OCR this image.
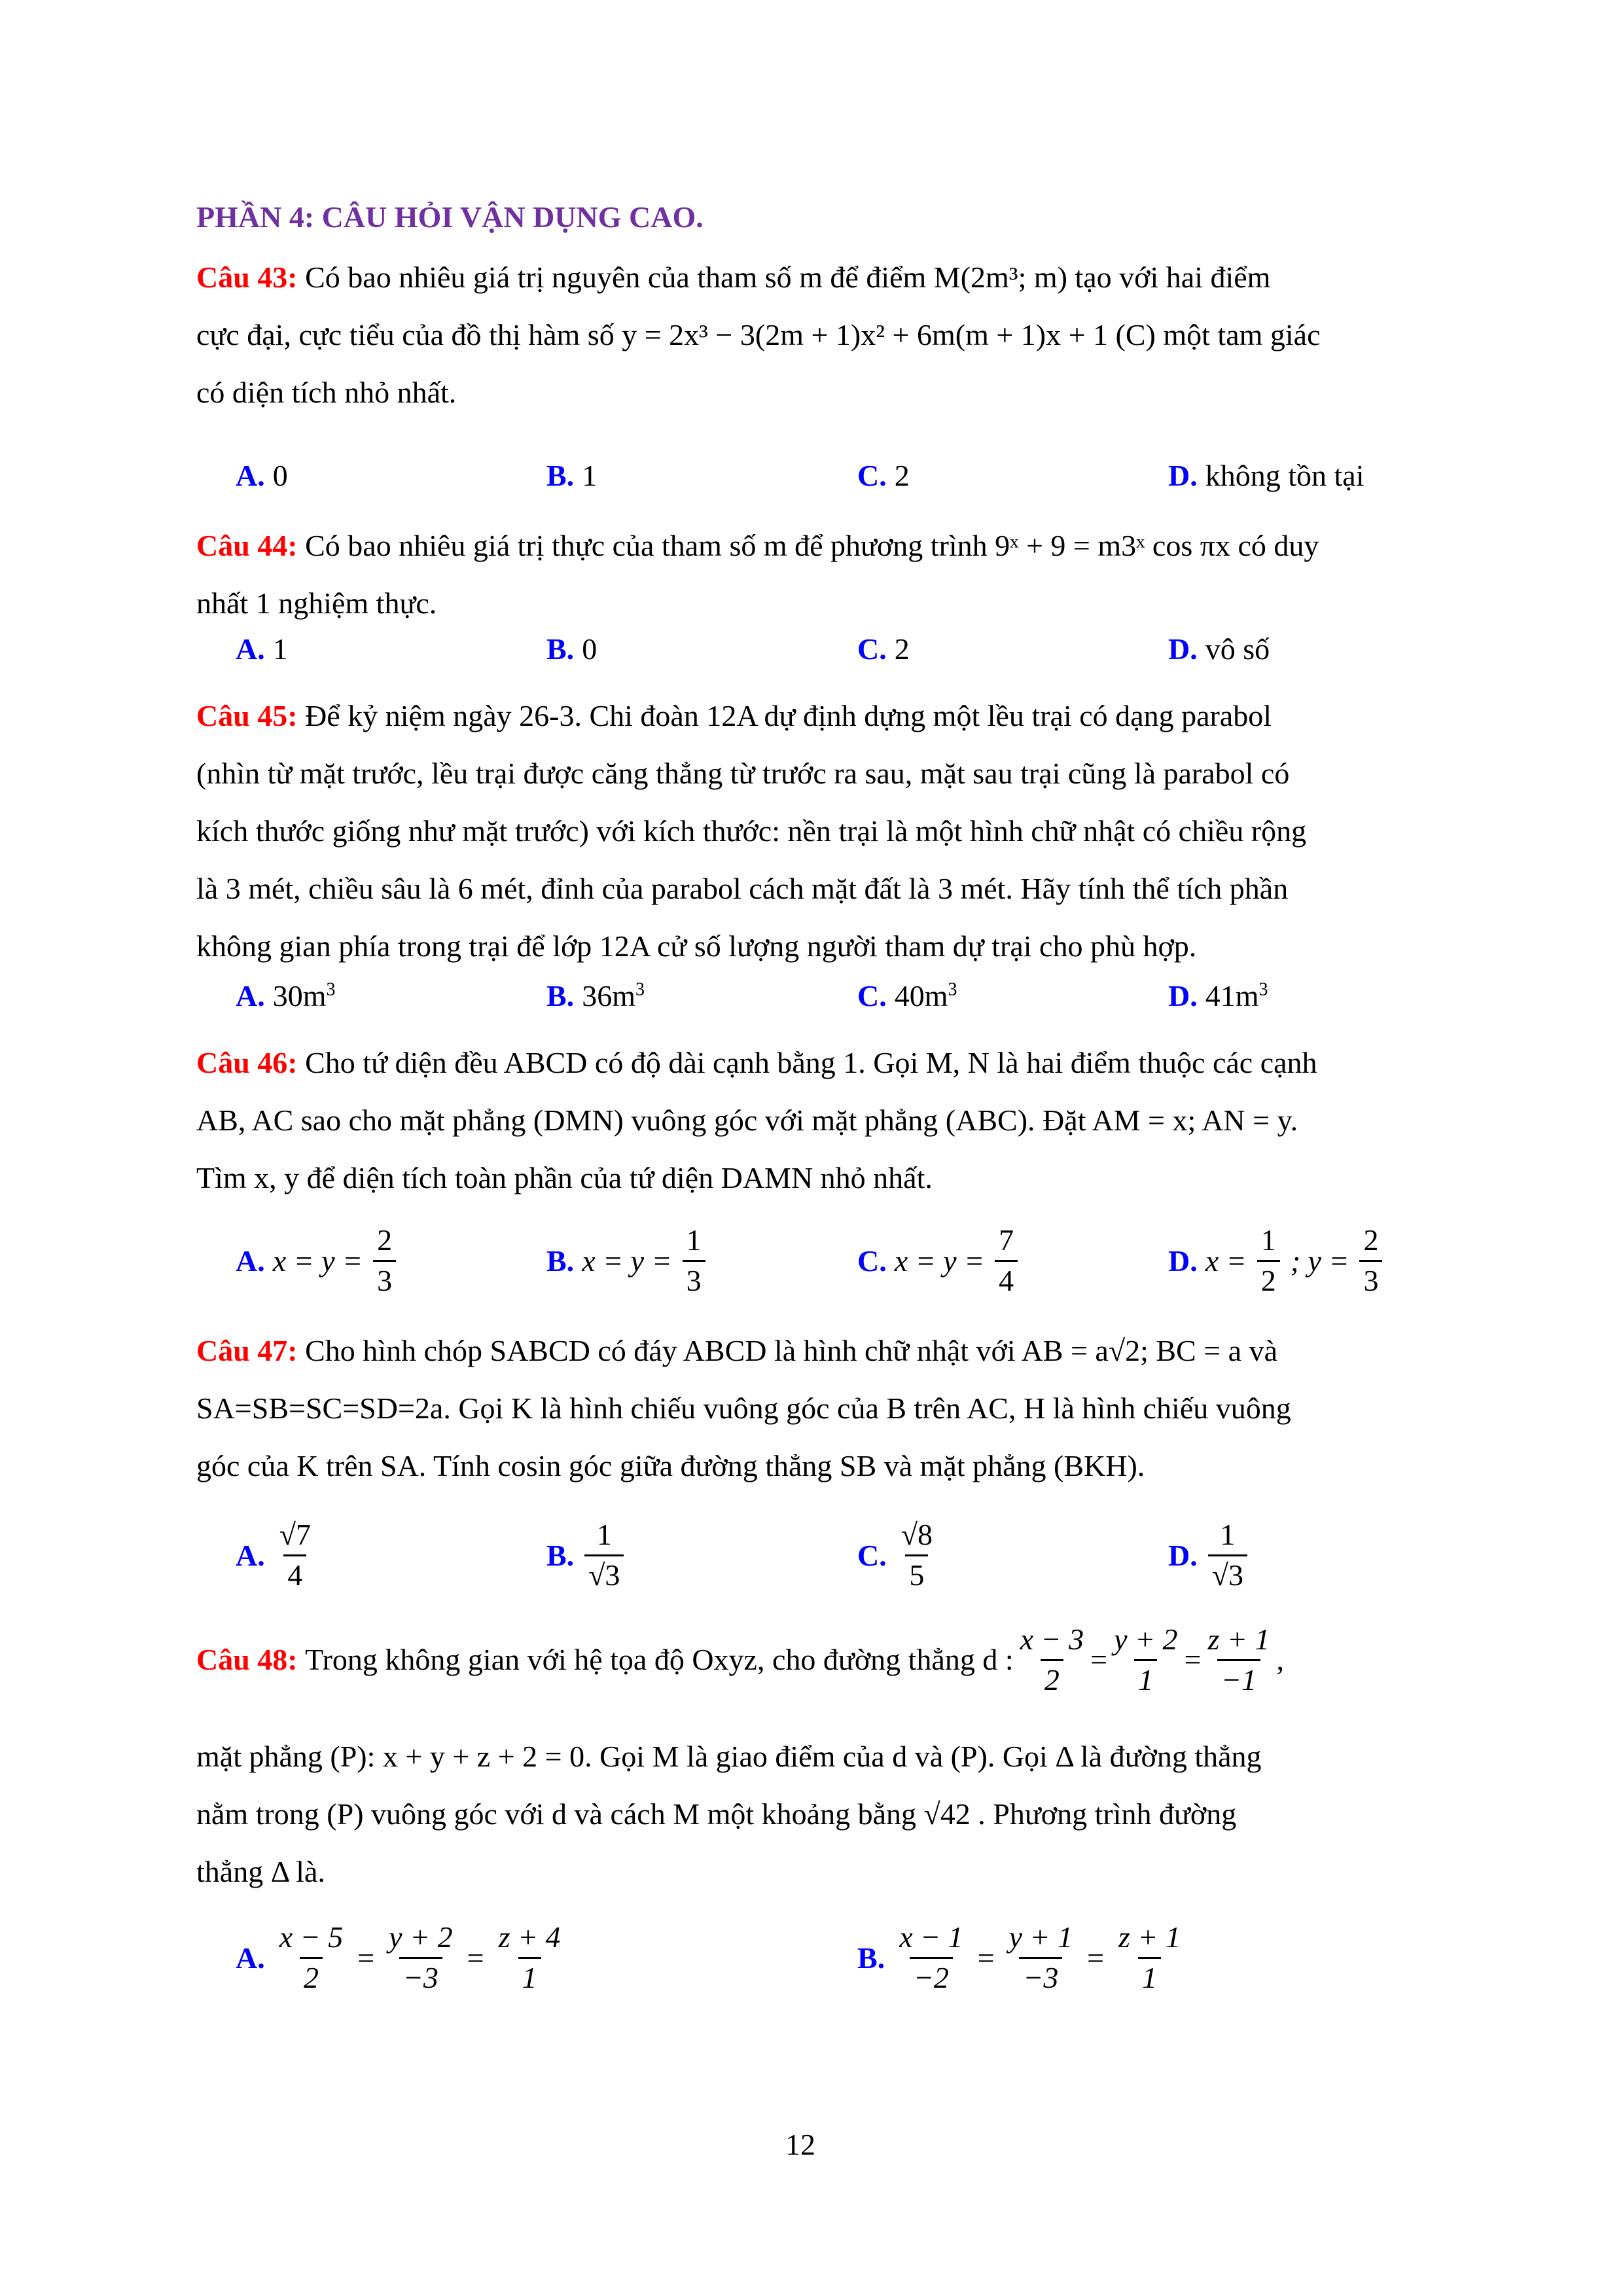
PHẦN 4: CÂU HỎI VẬN DỤNG CAO.
Câu 43: Có bao nhiêu giá trị nguyên của tham số m để điểm M(2m³; m) tạo với hai điểm
cực đại, cực tiểu của đồ thị hàm số y = 2x³ − 3(2m + 1)x² + 6m(m + 1)x + 1 (C) một tam giác
có diện tích nhỏ nhất.
A. 0	B. 1	C. 2	D. không tồn tại
Câu 44: Có bao nhiêu giá trị thực của tham số m để phương trình 9ˣ + 9 = m3ˣ cos πx có duy
nhất 1 nghiệm thực.
A. 1	B. 0	C. 2	D. vô số
Câu 45: Để kỷ niệm ngày 26-3. Chi đoàn 12A dự định dựng một lều trại có dạng parabol
(nhìn từ mặt trước, lều trại được căng thẳng từ trước ra sau, mặt sau trại cũng là parabol có
kích thước giống như mặt trước) với kích thước: nền trại là một hình chữ nhật có chiều rộng
là 3 mét, chiều sâu là 6 mét, đỉnh của parabol cách mặt đất là 3 mét. Hãy tính thể tích phần
không gian phía trong trại để lớp 12A cử số lượng người tham dự trại cho phù hợp.
A. $30m^3$	B. $36m^3$	C. $40m^3$	D. $41m^3$
Câu 46: Cho tứ diện đều ABCD có độ dài cạnh bằng 1. Gọi M, N là hai điểm thuộc các cạnh
AB, AC sao cho mặt phẳng (DMN) vuông góc với mặt phẳng (ABC). Đặt AM = x; AN = y.
Tìm x, y để diện tích toàn phần của tứ diện DAMN nhỏ nhất.
A. $x = y = \frac{2}{3}$	B. $x = y = \frac{1}{3}$	C. $x = y = \frac{7}{4}$	D. $x = \frac{1}{2}$ ; $y = \frac{2}{3}$
Câu 47: Cho hình chóp SABCD có đáy ABCD là hình chữ nhật với AB = a√2; BC = a và
SA=SB=SC=SD=2a. Gọi K là hình chiếu vuông góc của B trên AC, H là hình chiếu vuông
góc của K trên SA. Tính cosin góc giữa đường thẳng SB và mặt phẳng (BKH).
A. $\frac{√7}{4}$	B. $\frac{1}{√3}$	C. $\frac{√8}{5}$	D. $\frac{1}{√3}$
Câu 48:
Trong không gian với hệ tọa độ Oxyz, cho đường thẳng d : $\frac{x - 3}{2} = \frac{y + 2}{1} = \frac{z + 1}{-1}$ ,
mặt phẳng (P): x + y + z + 2 = 0. Gọi M là giao điểm của d và (P). Gọi Δ là đường thẳng
nằm trong (P) vuông góc với d và cách M một khoảng bằng √42 . Phương trình đường
thẳng Δ là.
A. $\frac{x - 5}{2} = \frac{y + 2}{-3} = \frac{z + 4}{1}$	B. $\frac{x - 1}{-2} = \frac{y + 1}{-3} = \frac{z + 1}{1}$
12
